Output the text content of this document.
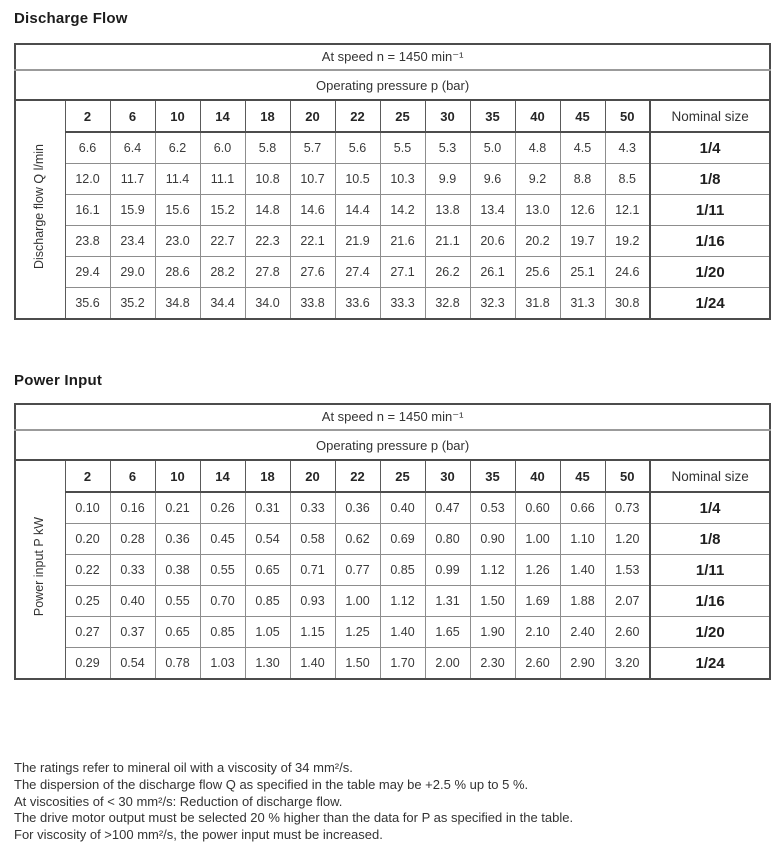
Discharge Flow
At speed n = 1450 min⁻¹														
Operating pressure p (bar)														
Discharge flow Q l/min	2	6	10	14	18	20	22	25	30	35	40	45	50	Nominal size
	6.6	6.4	6.2	6.0	5.8	5.7	5.6	5.5	5.3	5.0	4.8	4.5	4.3	1/4
	12.0	11.7	11.4	11.1	10.8	10.7	10.5	10.3	9.9	9.6	9.2	8.8	8.5	1/8
	16.1	15.9	15.6	15.2	14.8	14.6	14.4	14.2	13.8	13.4	13.0	12.6	12.1	1/11
	23.8	23.4	23.0	22.7	22.3	22.1	21.9	21.6	21.1	20.6	20.2	19.7	19.2	1/16
	29.4	29.0	28.6	28.2	27.8	27.6	27.4	27.1	26.2	26.1	25.6	25.1	24.6	1/20
	35.6	35.2	34.8	34.4	34.0	33.8	33.6	33.3	32.8	32.3	31.8	31.3	30.8	1/24
Power Input
At speed n = 1450 min⁻¹														
Operating pressure p (bar)														
Power input P kW	2	6	10	14	18	20	22	25	30	35	40	45	50	Nominal size
	0.10	0.16	0.21	0.26	0.31	0.33	0.36	0.40	0.47	0.53	0.60	0.66	0.73	1/4
	0.20	0.28	0.36	0.45	0.54	0.58	0.62	0.69	0.80	0.90	1.00	1.10	1.20	1/8
	0.22	0.33	0.38	0.55	0.65	0.71	0.77	0.85	0.99	1.12	1.26	1.40	1.53	1/11
	0.25	0.40	0.55	0.70	0.85	0.93	1.00	1.12	1.31	1.50	1.69	1.88	2.07	1/16
	0.27	0.37	0.65	0.85	1.05	1.15	1.25	1.40	1.65	1.90	2.10	2.40	2.60	1/20
	0.29	0.54	0.78	1.03	1.30	1.40	1.50	1.70	2.00	2.30	2.60	2.90	3.20	1/24
The ratings refer to mineral oil with a viscosity of 34 mm²/s.
The dispersion of the discharge flow Q as specified in the table may be +2.5 % up to 5 %.
At viscosities of < 30 mm²/s: Reduction of discharge flow.
The drive motor output must be selected 20 % higher than the data for P as specified in the table.
For viscosity of >100 mm²/s, the power input must be increased.
